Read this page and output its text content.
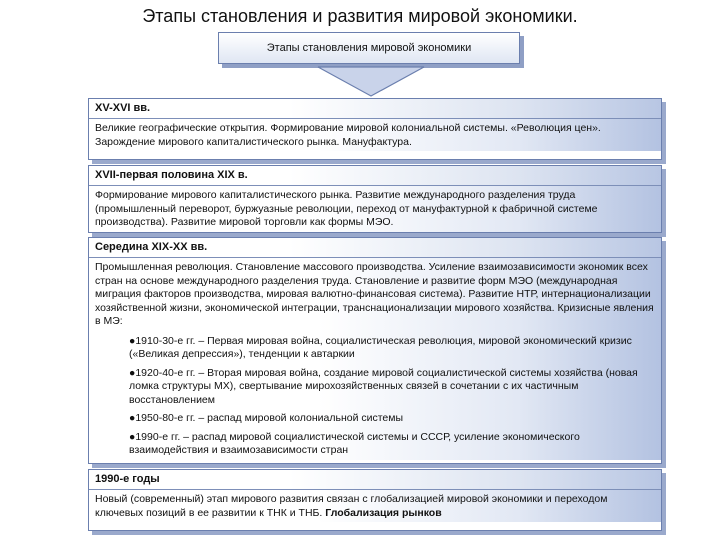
Этапы становления и развития мировой экономики.
Этапы становления мировой экономики
XV-XVI вв.

Великие географические открытия. Формирование мировой колониальной системы. «Революция цен». Зарождение мирового капиталистического рынка. Мануфактура.

XVII-первая половина XIX в.

Формирование мирового капиталистического рынка. Развитие международного разделения труда (промышленный переворот, буржуазные революции, переход от мануфактурной к фабричной системе производства). Развитие мировой торговли как формы МЭО.

Середина XIX-XX вв.

Промышленная революция. Становление массового производства. Усиление взаимозависимости экономик всех стран на основе международного разделения труда. Становление и развитие форм МЭО (международная миграция факторов производства, мировая валютно-финансовая система). Развитие НТР, интернационализации хозяйственной жизни, экономической интеграции, транснационализации мирового хозяйства. Кризисные явления в МЭ:

●1910-30-е гг. – Первая мировая война, социалистическая революция, мировой экономический кризис («Великая депрессия»), тенденции к автаркии
●1920-40-е гг. – Вторая мировая война, создание мировой социалистической системы хозяйства (новая ломка структуры МХ), свертывание мирохозяйственных связей в сочетании с их частичным восстановлением
●1950-80-е гг. – распад мировой колониальной системы
●1990-е гг. – распад мировой социалистической системы и СССР, усиление экономического взаимодействия и взаимозависимости стран
1990-е годы

Новый (современный) этап мирового развития связан с глобализацией мировой экономики и переходом ключевых позиций в ее развитии к ТНК и ТНБ. Глобализация рынков
